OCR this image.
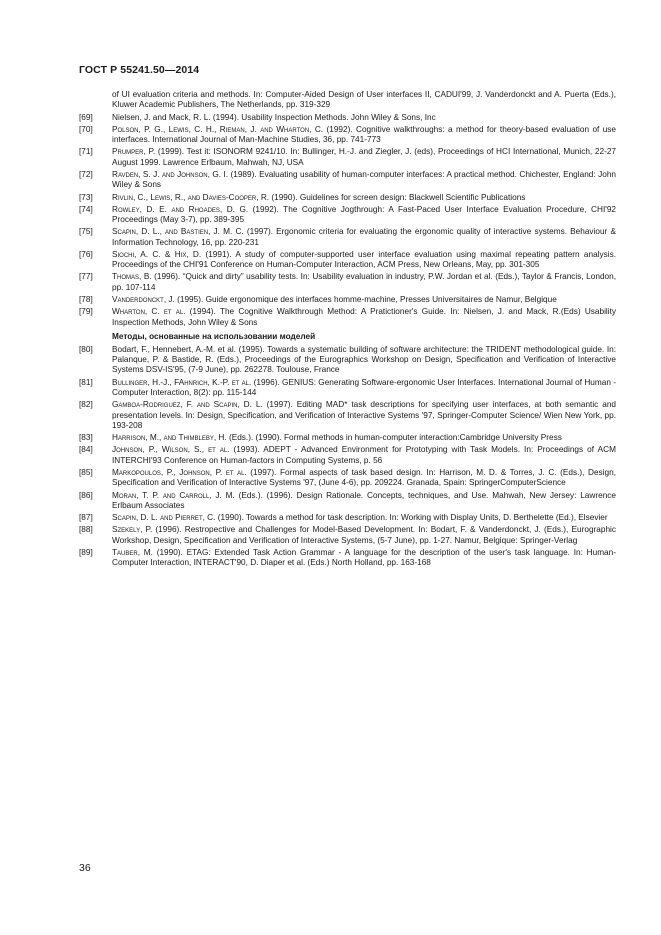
ГОСТ Р 55241.50—2014
of UI evaluation criteria and methods. In: Computer-Aided Design of User interfaces II, CADUI'99, J. Vanderdonckt and A. Puerta (Eds.), Kluwer Academic Publishers, The Netherlands, pp. 319-329
[69]	Nielsen, J. and Mack, R. L. (1994). Usability Inspection Methods. John Wiley & Sons, Inc
[70]	Polson, P. G., Lewis, C. H., Rieman, J. and Wharton, C. (1992). Cognitive walkthroughs: a method for theory-based evaluation of use interfaces. International Journal of Man-Machine Studies, 36, pp. 741-773
[71]	Prumper, P. (1999). Test it: ISONORM 9241/10. In: Bullinger, H.-J. and Ziegler, J. (eds), Proceedings of HCI International, Munich, 22-27 August 1999. Lawrence Erlbaum, Mahwah, NJ, USA
[72]	Ravden, S. J. and Johnson, G. I. (1989). Evaluating usability of human-computer interfaces: A practical method. Chichester, England: John Wiley & Sons
[73]	Rivlin, C., Lewis, R., and Davies-Cooper, R. (1990). Guidelines for screen design: Blackwell Scientific Publications
[74]	Rowley, D. E. and Rhoades, D. G. (1992). The Cognitive Jogthrough: A Fast-Paced User Interface Evaluation Procedure, CHI'92 Proceedings (May 3-7), pp. 389-395
[75]	Scapin, D. L., and Bastien, J. M. C. (1997). Ergonomic criteria for evaluating the ergonomic quality of interactive systems. Behaviour & Information Technology, 16, pp. 220-231
[76]	Siochi, A. C. & Hix, D. (1991). A study of computer-supported user interface evaluation using maximal repeating pattern analysis. Proceedings of the CHI'91 Conference on Human-Computer Interaction, ACM Press, New Orleans, May, pp. 301-305
[77]	Thomas, B. (1996). “Quick and dirty” usability tests. In: Usability evaluation in industry, P.W. Jordan et al. (Eds.), Taylor & Francis, London, pp. 107-114
[78]	Vanderdonckt, J. (1995). Guide ergonomique des interfaces homme-machine, Presses Universitaires de Namur, Belgique
[79]	Wharton, C. et al. (1994). The Cognitive Walkthrough Method: A Pratictioner's Guide. In: Nielsen, J. and Mack, R.(Eds) Usability Inspection Methods, John Wiley & Sons
Методы, основанные на использовании моделей
[80]	Bodart, F., Hennebert, A.-M. et al. (1995). Towards a systematic building of software architecture: the TRIDENT methodological guide. In: Palanque, P. & Bastide, R. (Eds.), Proceedings of the Eurographics Workshop on Design, Specification and Verification of Interactive Systems DSV-IS'95, (7-9 June), pp. 262278. Toulouse, France
[81]	Bullinger, H.-J., FAhnrich, K.-P. et al. (1996). GENIUS: Generating Software-ergonomic User Interfaces. International Journal of Human - Computer Interaction, 8(2): pp. 115-144
[82]	Gamboa-Rodriguez, F. and Scapin, D. L. (1997). Editing MAD* task descriptions for specifying user interfaces, at both semantic and presentation levels. In: Design, Specification, and Verification of Interactive Systems '97, Springer-Computer Science/ Wien New York, pp. 193-208
[83]	Harrison, M., and Thimbleby, H. (Eds.). (1990). Formal methods in human-computer interaction:Cambridge University Press
[84]	Johnson, P., Wilson, S., et al. (1993). ADEPT - Advanced Environment for Prototyping with Task Models. In: Proceedings of ACM INTERCHI'93 Conference on Human-factors in Computing Systems, p. 56
[85]	Markopoulos, P., Johnson, P. et al. (1997). Formal aspects of task based design. In: Harrison, M. D. & Torres, J. C. (Eds.), Design, Specification and Verification of Interactive Systems '97, (June 4-6), pp. 209224. Granada, Spain: SpringerComputerScience
[86]	Moran, T. P. and Carroll, J. M. (Eds.). (1996). Design Rationale. Concepts, techniques, and Use. Mahwah, New Jersey: Lawrence Erlbaum Associates
[87]	Scapin, D. L. and Pierret, C. (1990). Towards a method for task description. In: Working with Display Units, D. Berthelette (Ed.), Elsevier
[88]	Szekely, P. (1996). Restropective and Challenges for Model-Based Development. In: Bodart, F. & Vanderdonckt, J. (Eds.), Eurographic Workshop, Design, Specification and Verification of Interactive Systems, (5-7 June), pp. 1-27. Namur, Belgique: Springer-Verlag
[89]	Tauber, M. (1990). ETAG: Extended Task Action Grammar - A language for the description of the user's task language. In: Human-Computer Interaction, INTERACT'90, D. Diaper et al. (Eds.) North Holland, pp. 163-168
36
